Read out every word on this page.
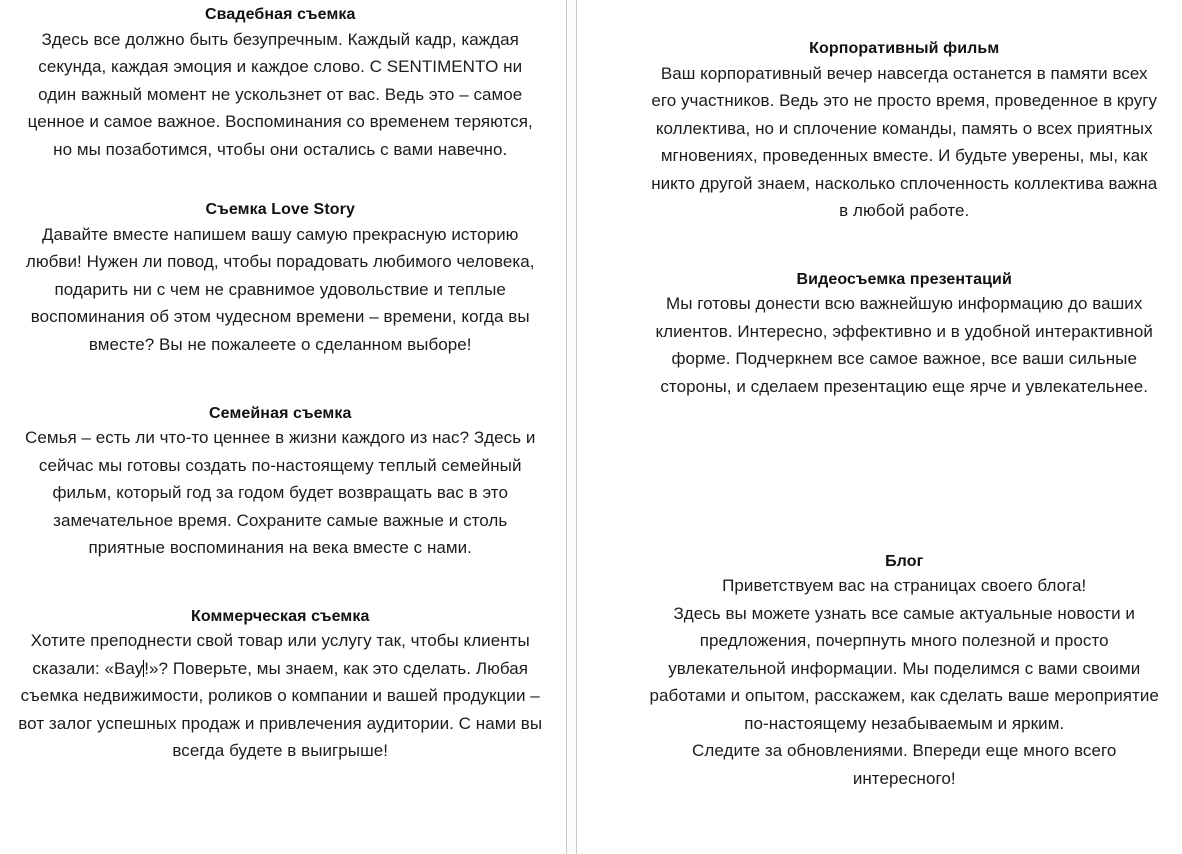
Свадебная съемка

Здесь все должно быть безупречным. Каждый кадр, каждая секунда, каждая эмоция и каждое слово. С SENTIMENTO ни один важный момент не ускользнет от вас. Ведь это – самое ценное и самое важное. Воспоминания со временем теряются, но мы позаботимся, чтобы они остались с вами навечно.

Съемка Love Story

Давайте вместе напишем вашу самую прекрасную историю любви! Нужен ли повод, чтобы порадовать любимого человека, подарить ни с чем не сравнимое удовольствие и теплые воспоминания об этом чудесном времени – времени, когда вы вместе? Вы не пожалеете о сделанном выборе!

Семейная съемка

Семья – есть ли что-то ценнее в жизни каждого из нас? Здесь и сейчас мы готовы создать по-настоящему теплый семейный фильм, который год за годом будет возвращать вас в это замечательное время. Сохраните самые важные и столь приятные воспоминания на века вместе с нами.

Коммерческая съемка

Хотите преподнести свой товар или услугу так, чтобы клиенты сказали: «Вау!»? Поверьте, мы знаем, как это сделать. Любая съемка недвижимости, роликов о компании и вашей продукции – вот залог успешных продаж и привлечения аудитории. С нами вы всегда будете в выигрыше!

Корпоративный фильм

Ваш корпоративный вечер навсегда останется в памяти всех его участников. Ведь это не просто время, проведенное в кругу коллектива, но и сплочение команды, память о всех приятных мгновениях, проведенных вместе. И будьте уверены, мы, как никто другой знаем, насколько сплоченность коллектива важна в любой работе.

Видеосъемка презентаций

Мы готовы донести всю важнейшую информацию до ваших клиентов. Интересно, эффективно и в удобной интерактивной форме. Подчеркнем все самое важное, все ваши сильные стороны, и сделаем презентацию еще ярче и увлекательнее.

Блог

Приветствуем вас на страницах своего блога!

Здесь вы можете узнать все самые актуальные новости и предложения, почерпнуть много полезной и просто увлекательной информации. Мы поделимся с вами своими работами и опытом, расскажем, как сделать ваше мероприятие по-настоящему незабываемым и ярким.

Следите за обновлениями. Впереди еще много всего интересного!
